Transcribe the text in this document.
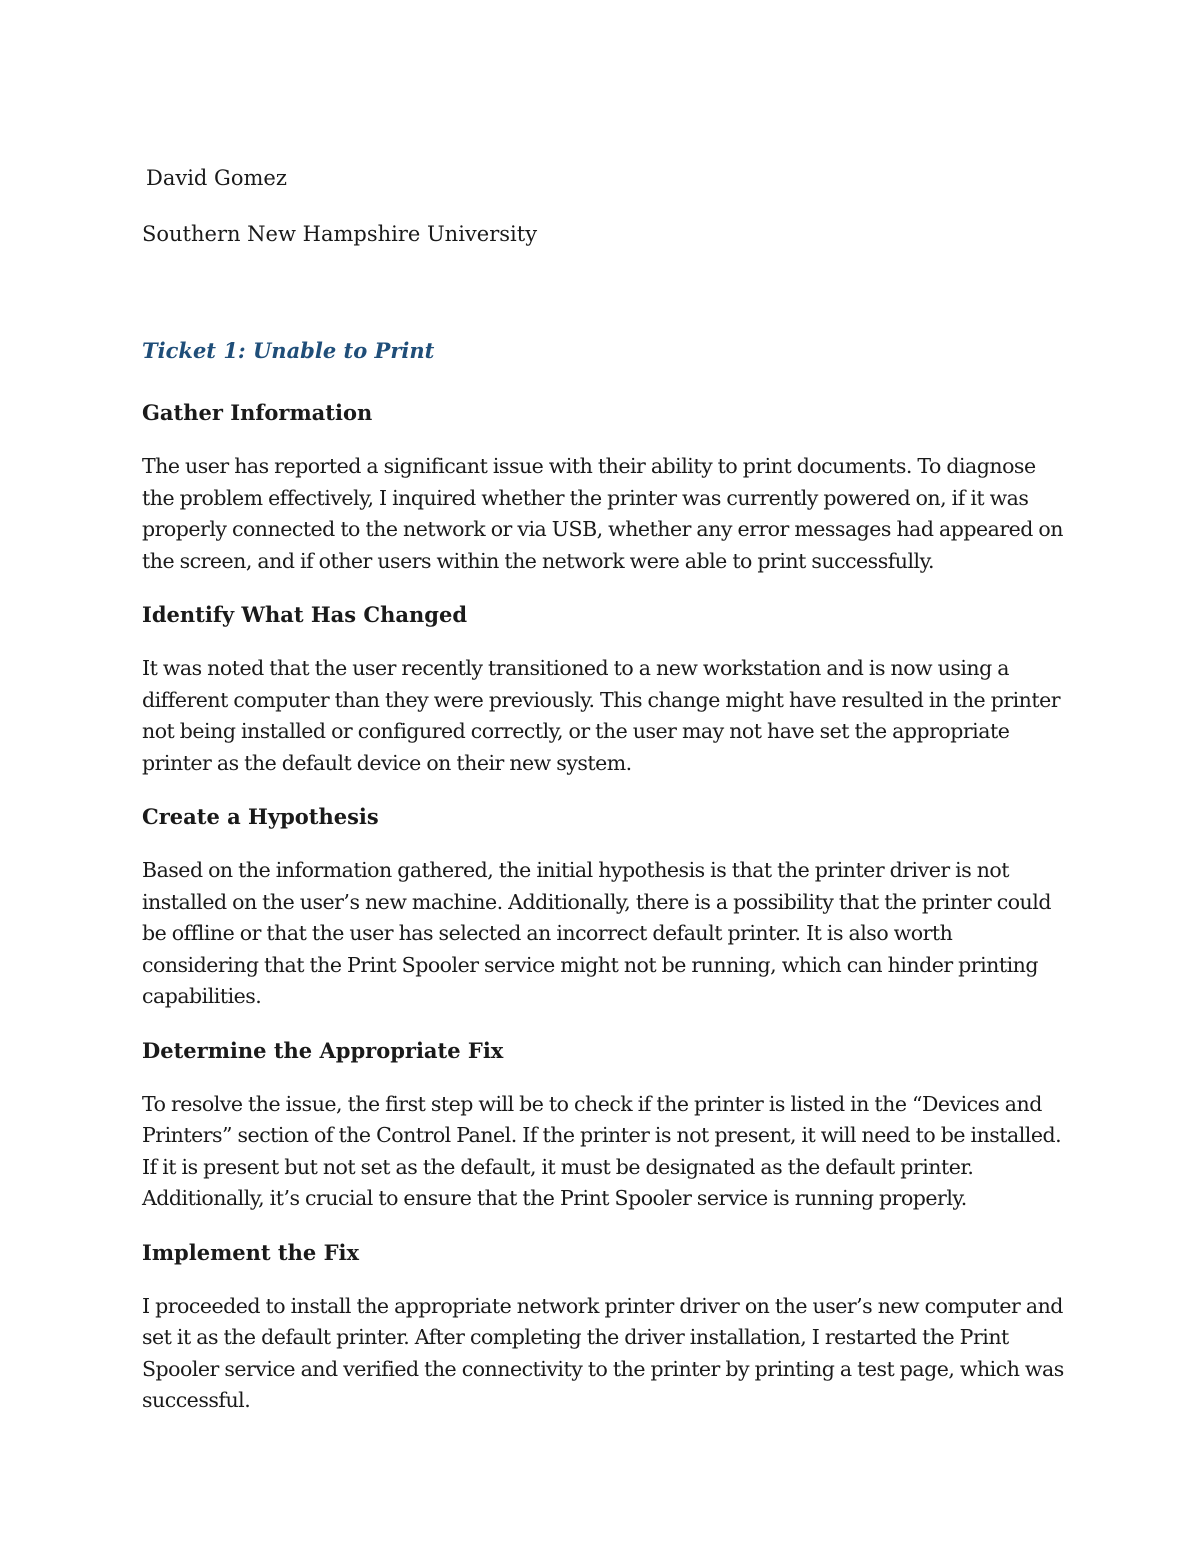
David Gomez

Southern New Hampshire University

Ticket 1: Unable to Print

Gather Information

The user has reported a significant issue with their ability to print documents. To diagnose the problem effectively, I inquired whether the printer was currently powered on, if it was properly connected to the network or via USB, whether any error messages had appeared on the screen, and if other users within the network were able to print successfully.

Identify What Has Changed

It was noted that the user recently transitioned to a new workstation and is now using a different computer than they were previously. This change might have resulted in the printer not being installed or configured correctly, or the user may not have set the appropriate printer as the default device on their new system.

Create a Hypothesis

Based on the information gathered, the initial hypothesis is that the printer driver is not installed on the user’s new machine. Additionally, there is a possibility that the printer could be offline or that the user has selected an incorrect default printer. It is also worth considering that the Print Spooler service might not be running, which can hinder printing capabilities.

Determine the Appropriate Fix

To resolve the issue, the first step will be to check if the printer is listed in the “Devices and Printers” section of the Control Panel. If the printer is not present, it will need to be installed. If it is present but not set as the default, it must be designated as the default printer. Additionally, it’s crucial to ensure that the Print Spooler service is running properly.

Implement the Fix

I proceeded to install the appropriate network printer driver on the user’s new computer and set it as the default printer. After completing the driver installation, I restarted the Print Spooler service and verified the connectivity to the printer by printing a test page, which was successful.
